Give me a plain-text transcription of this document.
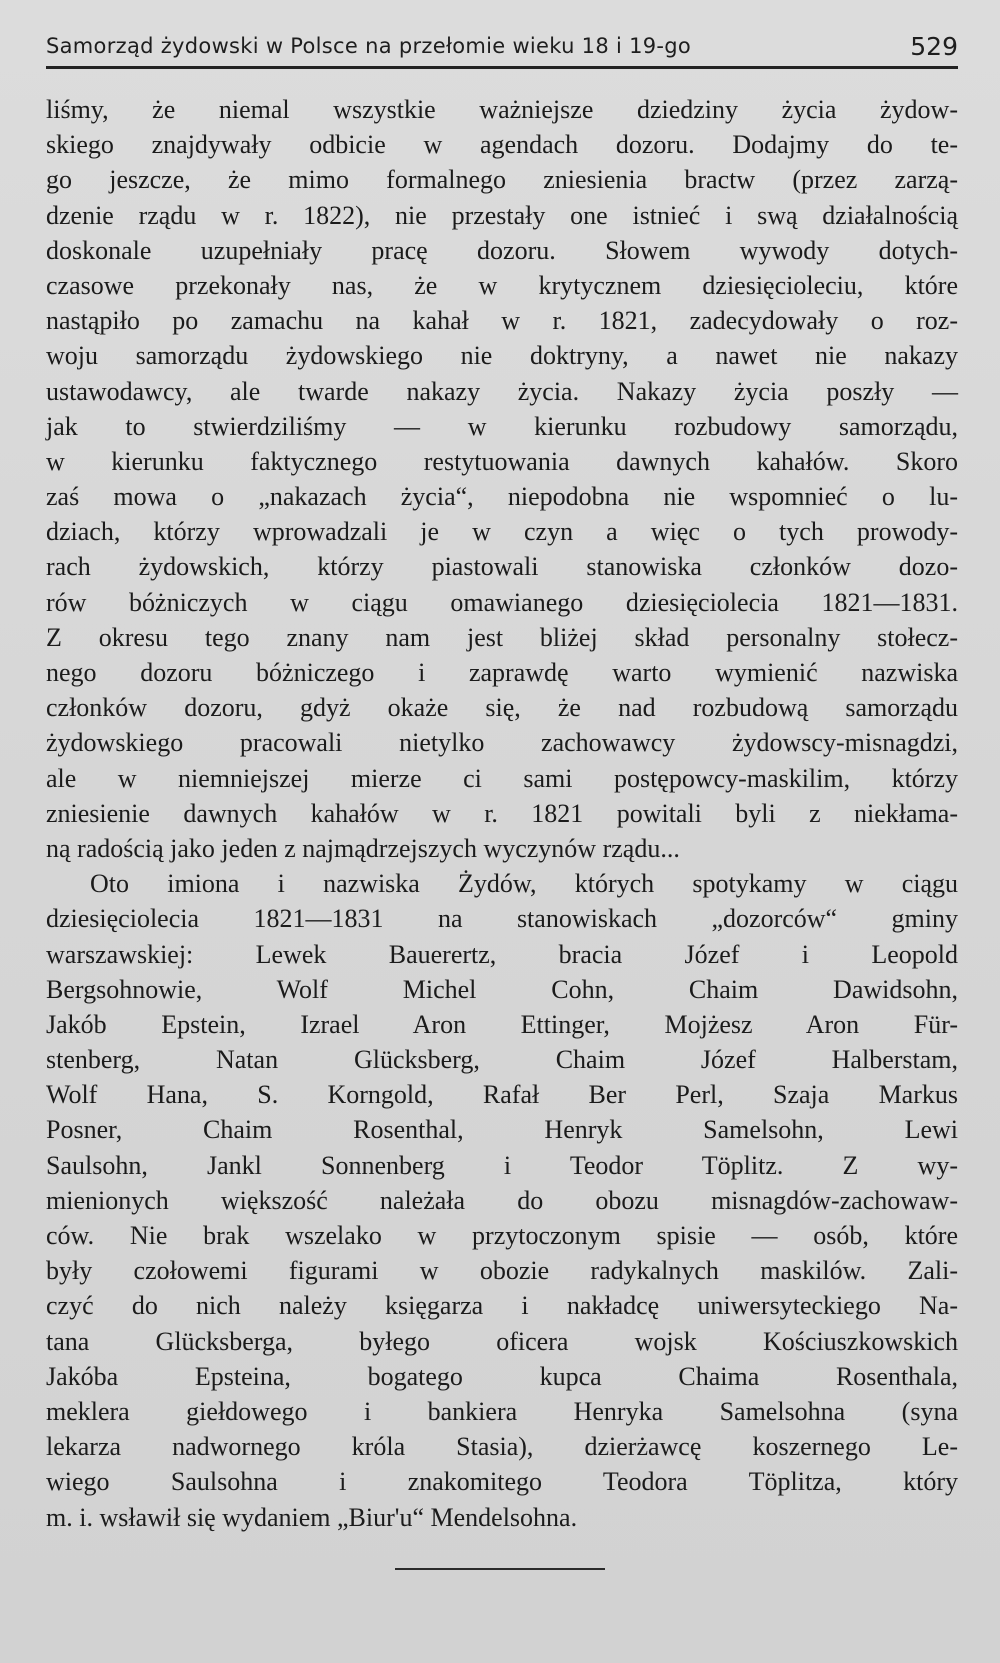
Samorząd żydowski w Polsce na przełomie wieku 18 i 19-go	529
liśmy, że niemal wszystkie ważniejsze dziedziny życia żydow-
skiego znajdywały odbicie w agendach dozoru. Dodajmy do te-
go jeszcze, że mimo formalnego zniesienia bractw (przez zarzą-
dzenie rządu w r. 1822), nie przestały one istnieć i swą działalnością
doskonale uzupełniały pracę dozoru. Słowem wywody dotych-
czasowe przekonały nas, że w krytycznem dziesięcioleciu, które
nastąpiło po zamachu na kahał w r. 1821, zadecydowały o roz-
woju samorządu żydowskiego nie doktryny, a nawet nie nakazy
ustawodawcy, ale twarde nakazy życia. Nakazy życia poszły —
jak to stwierdziliśmy — w kierunku rozbudowy samorządu,
w kierunku faktycznego restytuowania dawnych kahałów. Skoro
zaś mowa o „nakazach życia“, niepodobna nie wspomnieć o lu-
dziach, którzy wprowadzali je w czyn a więc o tych prowody-
rach żydowskich, którzy piastowali stanowiska członków dozo-
rów bóżniczych w ciągu omawianego dziesięciolecia 1821—1831.
Z okresu tego znany nam jest bliżej skład personalny stołecz-
nego dozoru bóżniczego i zaprawdę warto wymienić nazwiska
członków dozoru, gdyż okaże się, że nad rozbudową samorządu
żydowskiego pracowali nietylko zachowawcy żydowscy-misnagdzi,
ale w niemniejszej mierze ci sami postępowcy-maskilim, którzy
zniesienie dawnych kahałów w r. 1821 powitali byli z niekłama-
ną radością jako jeden z najmądrzejszych wyczynów rządu...
Oto imiona i nazwiska Żydów, których spotykamy w ciągu
dziesięciolecia 1821—1831 na stanowiskach „dozorców“ gminy
warszawskiej: Lewek Bauerertz, bracia Józef i Leopold
Bergsohnowie, Wolf Michel Cohn, Chaim Dawidsohn,
Jakób Epstein, Izrael Aron Ettinger, Mojżesz Aron Für-
stenberg, Natan Glücksberg, Chaim Józef Halberstam,
Wolf Hana, S. Korngold, Rafał Ber Perl, Szaja Markus
Posner, Chaim Rosenthal, Henryk Samelsohn, Lewi
Saulsohn, Jankl Sonnenberg i Teodor Töplitz. Z wy-
mienionych większość należała do obozu misnagdów-zachowaw-
ców. Nie brak wszelako w przytoczonym spisie — osób, które
były czołowemi figurami w obozie radykalnych maskilów. Zali-
czyć do nich należy księgarza i nakładcę uniwersyteckiego Na-
tana Glücksberga, byłego oficera wojsk Kościuszkowskich
Jakóba Epsteina, bogatego kupca Chaima Rosenthala,
meklera giełdowego i bankiera Henryka Samelsohna (syna
lekarza nadwornego króla Stasia), dzierżawcę koszernego Le-
wiego Saulsohna i znakomitego Teodora Töplitza, który
m. i. wsławił się wydaniem „Biur'u“ Mendelsohna.
